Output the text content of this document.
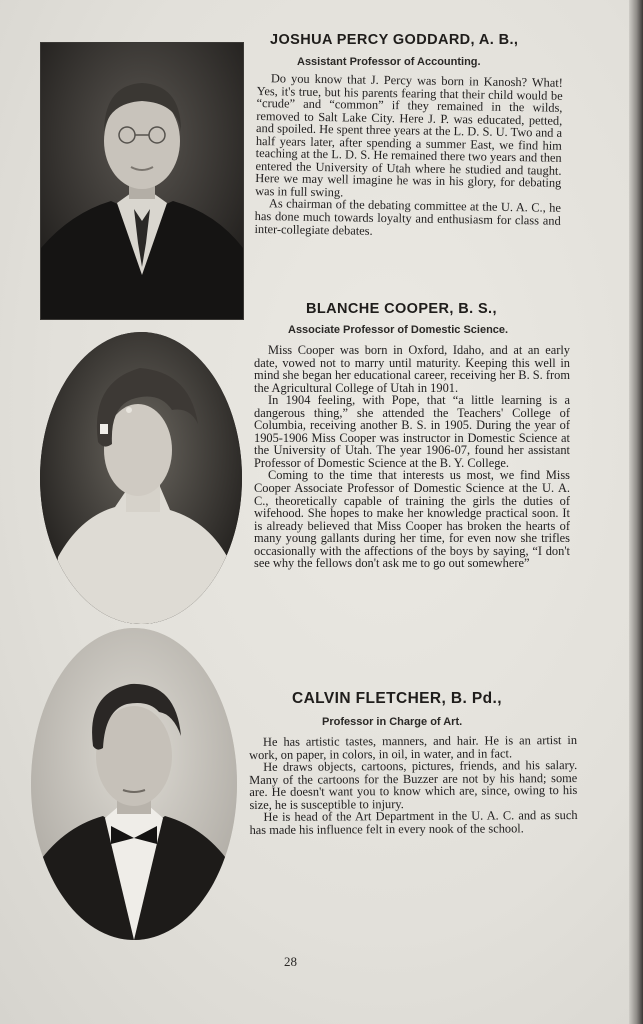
JOSHUA PERCY GODDARD, A. B.,
Assistant Professor of Accounting.

Do you know that J. Percy was born in Kanosh? What! Yes, it's true, but his parents fearing that their child would be “crude” and “common” if they remained in the wilds, removed to Salt Lake City. Here J. P. was educated, petted, and spoiled. He spent three years at the L. D. S. U. Two and a half years later, after spending a summer East, we find him teaching at the L. D. S. He remained there two years and then entered the University of Utah where he studied and taught. Here we may well imagine he was in his glory, for debating was in full swing.

As chairman of the debating committee at the U. A. C., he has done much towards loyalty and enthusiasm for class and inter-collegiate debates.

BLANCHE COOPER, B. S.,
Associate Professor of Domestic Science.

Miss Cooper was born in Oxford, Idaho, and at an early date, vowed not to marry until maturity. Keeping this well in mind she began her educational career, receiving her B. S. from the Agricultural College of Utah in 1901.

In 1904 feeling, with Pope, that “a little learning is a dangerous thing,” she attended the Teachers' College of Columbia, receiving another B. S. in 1905. During the year of 1905-1906 Miss Cooper was instructor in Domestic Science at the University of Utah. The year 1906-07, found her assistant Professor of Domestic Science at the B. Y. College.

Coming to the time that interests us most, we find Miss Cooper Associate Professor of Domestic Science at the U. A. C., theoretically capable of training the girls the duties of wifehood. She hopes to make her knowledge practical soon. It is already believed that Miss Cooper has broken the hearts of many young gallants during her time, for even now she trifles occasionally with the affections of the boys by saying, “I don't see why the fellows don't ask me to go out somewhere”

CALVIN FLETCHER, B. Pd.,
Professor in Charge of Art.

He has artistic tastes, manners, and hair. He is an artist in work, on paper, in colors, in oil, in water, and in fact.

He draws objects, cartoons, pictures, friends, and his salary. Many of the cartoons for the Buzzer are not by his hand; some are. He doesn't want you to know which are, since, owing to his size, he is susceptible to injury.

He is head of the Art Department in the U. A. C. and as such has made his influence felt in every nook of the school.

28
